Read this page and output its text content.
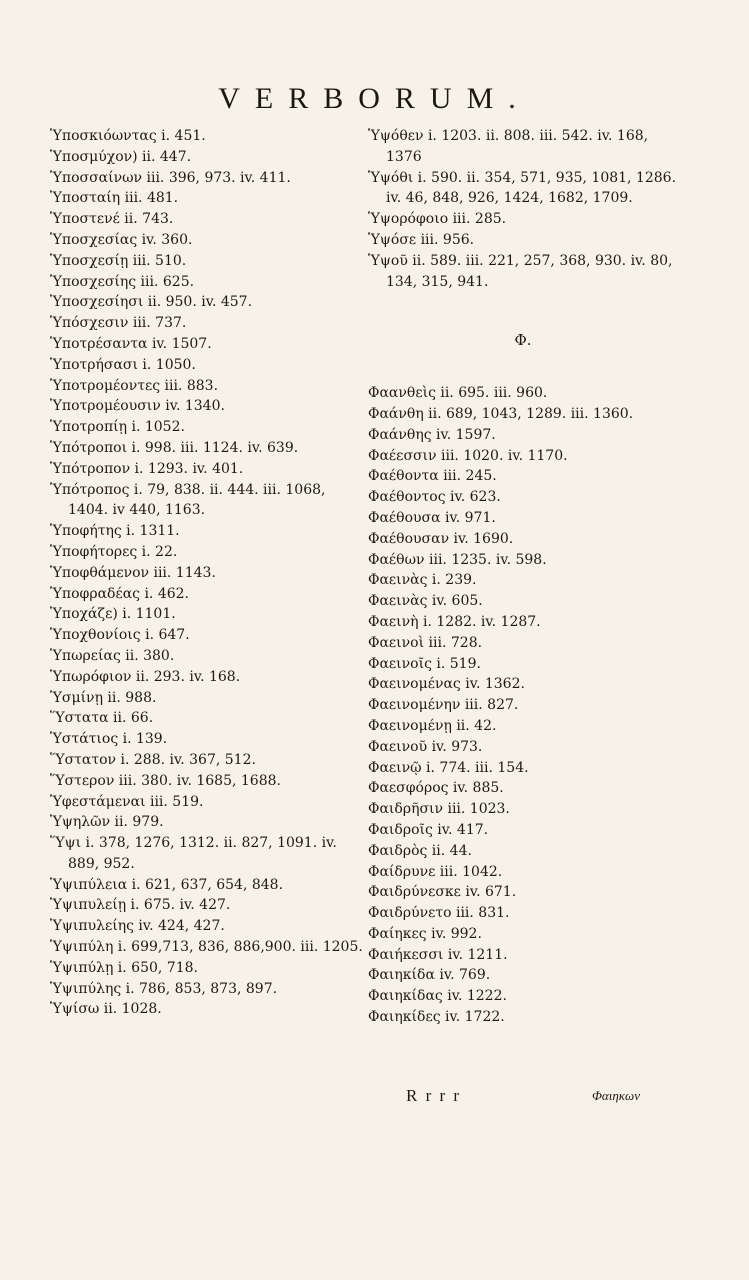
VERBORUM.
Ὑποσκιόωντας i. 451.
Ὑποσμύχον) ii. 447.
Ὑποσσαίνων iii. 396, 973. iv. 411.
Ὑποσταίη iii. 481.
Ὑποστενέ ii. 743.
Ὑποσχεσίας iv. 360.
Ὑποσχεσίῃ iii. 510.
Ὑποσχεσίης iii. 625.
Ὑποσχεσίησι ii. 950. iv. 457.
Ὑπόσχεσιν iii. 737.
Ὑποτρέσαντα iv. 1507.
Ὑποτρήσασι i. 1050.
Ὑποτρομέοντες iii. 883.
Ὑποτρομέουσιν iv. 1340.
Ὑποτροπίῃ i. 1052.
Ὑπότροποι i. 998. iii. 1124. iv. 639.
Ὑπότροπον i. 1293. iv. 401.
Ὑπότροπος i. 79, 838. ii. 444. iii. 1068, 1404. iv 440, 1163.
Ὑποφήτης i. 1311.
Ὑποφήτορες i. 22.
Ὑποφθάμενον iii. 1143.
Ὑποφραδέας i. 462.
Ὑποχάζε) i. 1101.
Ὑποχθονίοις i. 647.
Ὑπωρείας ii. 380.
Ὑπωρόφιον ii. 293. iv. 168.
Ὑσμίνῃ ii. 988.
Ὕστατα ii. 66.
Ὑστάτιος i. 139.
Ὕστατον i. 288. iv. 367, 512.
Ὕστερον iii. 380. iv. 1685, 1688.
Ὑφεστάμεναι iii. 519.
Ὑψηλῶν ii. 979.
Ὕψι i. 378, 1276, 1312. ii. 827, 1091. iv. 889, 952.
Ὑψιπύλεια i. 621, 637, 654, 848.
Ὑψιπυλείῃ i. 675. iv. 427.
Ὑψιπυλείης iv. 424, 427.
Ὑψιπύλη i. 699,713, 836, 886,900. iii. 1205.
Ὑψιπύλῃ i. 650, 718.
Ὑψιπύλης i. 786, 853, 873, 897.
Ὑψίσω ii. 1028.
Ὑψόθεν i. 1203. ii. 808. iii. 542. iv. 168, 1376
Ὑψόθι i. 590. ii. 354, 571, 935, 1081, 1286. iv. 46, 848, 926, 1424, 1682, 1709.
Ὑψορόφοιο iii. 285.
Ὑψόσε iii. 956.
Ὑψοῦ ii. 589. iii. 221, 257, 368, 930. iv. 80, 134, 315, 941.
Φ.
Φαανθεὶς ii. 695. iii. 960.
Φαάνθη ii. 689, 1043, 1289. iii. 1360.
Φαάνθης iv. 1597.
Φαέεσσιν iii. 1020. iv. 1170.
Φαέθοντα iii. 245.
Φαέθοντος iv. 623.
Φαέθουσα iv. 971.
Φαέθουσαν iv. 1690.
Φαέθων iii. 1235. iv. 598.
Φαεινὰς i. 239.
Φαεινὰς iv. 605.
Φαεινὴ i. 1282. iv. 1287.
Φαεινοὶ iii. 728.
Φαεινοῖς i. 519.
Φαεινομένας iv. 1362.
Φαεινομένην iii. 827.
Φαεινομένῃ ii. 42.
Φαεινοῦ iv. 973.
Φαεινῷ i. 774. iii. 154.
Φαεσφόρος iv. 885.
Φαιδρῆσιν iii. 1023.
Φαιδροῖς iv. 417.
Φαιδρὸς ii. 44.
Φαίδρυνε iii. 1042.
Φαιδρύνεσκε iv. 671.
Φαιδρύνετο iii. 831.
Φαίηκες iv. 992.
Φαιήκεσσι iv. 1211.
Φαιηκίδα iv. 769.
Φαιηκίδας iv. 1222.
Φαιηκίδες iv. 1722.
R r r r	Φαιηκων
